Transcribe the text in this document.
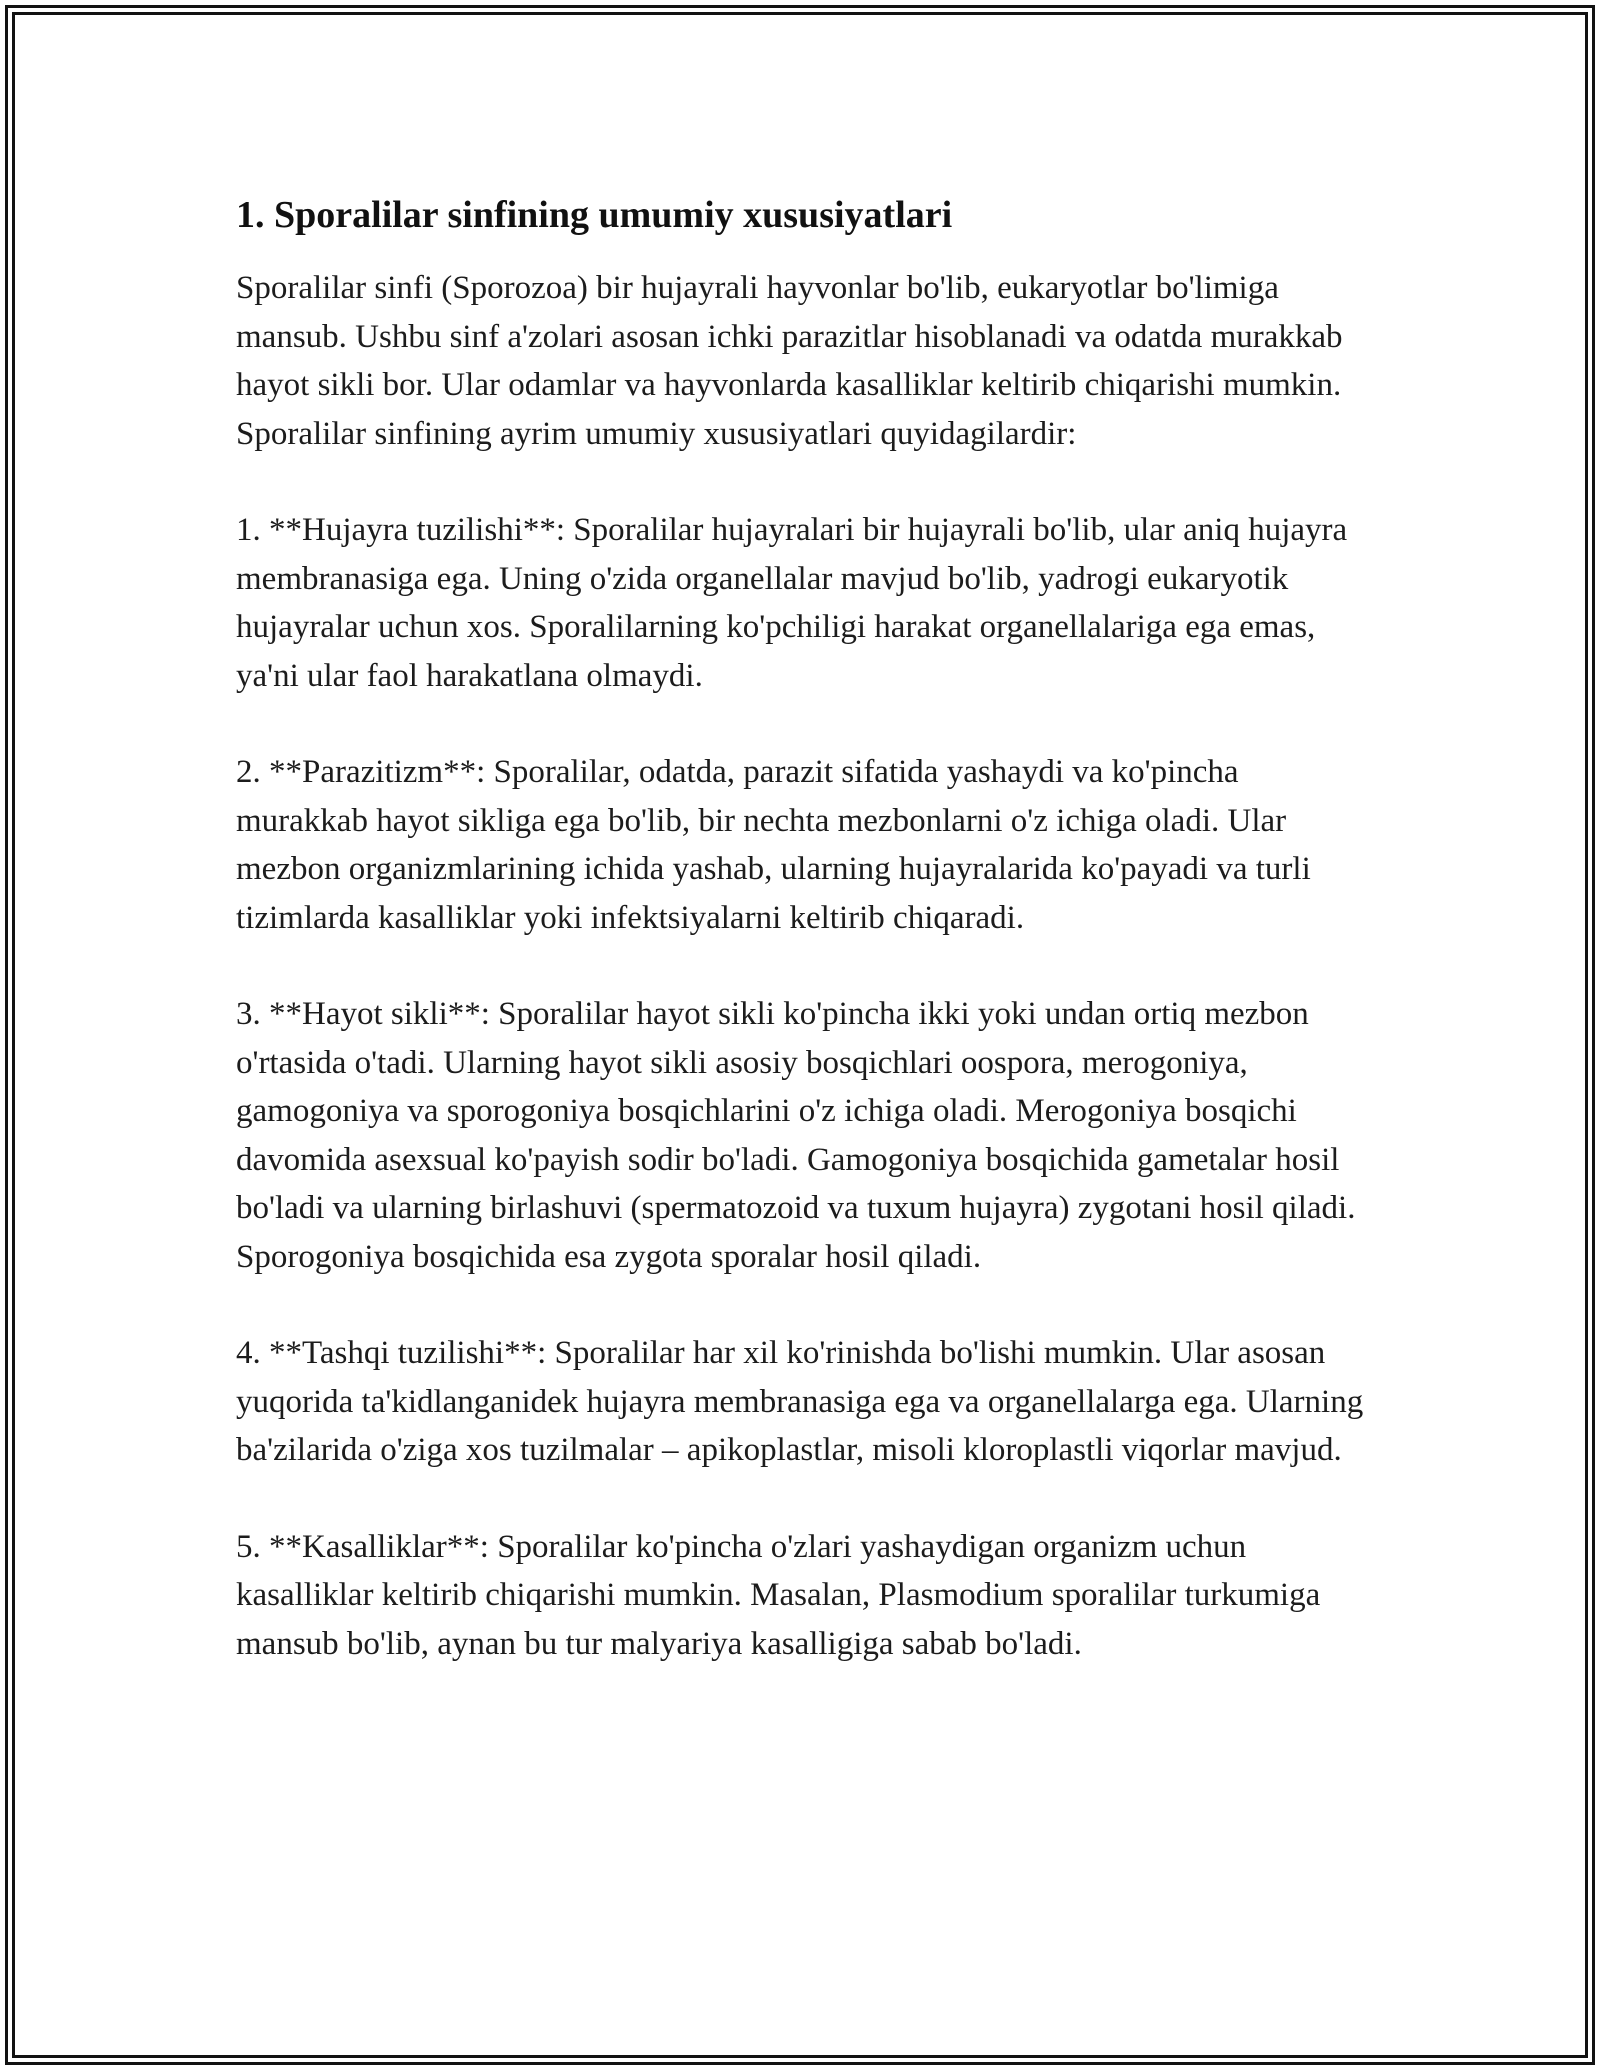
1. Sporalilar sinfining umumiy xususiyatlari

Sporalilar sinfi (Sporozoa) bir hujayrali hayvonlar bo'lib, eukaryotlar bo'limiga mansub. Ushbu sinf a'zolari asosan ichki parazitlar hisoblanadi va odatda murakkab hayot sikli bor. Ular odamlar va hayvonlarda kasalliklar keltirib chiqarishi mumkin. Sporalilar sinfining ayrim umumiy xususiyatlari quyidagilardir:

1. **Hujayra tuzilishi**: Sporalilar hujayralari bir hujayrali bo'lib, ular aniq hujayra membranasiga ega. Uning o'zida organellalar mavjud bo'lib, yadrogi eukaryotik hujayralar uchun xos. Sporalilarning ko'pchiligi harakat organellalariga ega emas, ya'ni ular faol harakatlana olmaydi.

2. **Parazitizm**: Sporalilar, odatda, parazit sifatida yashaydi va ko'pincha murakkab hayot sikliga ega bo'lib, bir nechta mezbonlarni o'z ichiga oladi. Ular mezbon organizmlarining ichida yashab, ularning hujayralarida ko'payadi va turli tizimlarda kasalliklar yoki infektsiyalarni keltirib chiqaradi.

3. **Hayot sikli**: Sporalilar hayot sikli ko'pincha ikki yoki undan ortiq mezbon o'rtasida o'tadi. Ularning hayot sikli asosiy bosqichlari oospora, merogoniya, gamogoniya va sporogoniya bosqichlarini o'z ichiga oladi. Merogoniya bosqichi davomida asexsual ko'payish sodir bo'ladi. Gamogoniya bosqichida gametalar hosil bo'ladi va ularning birlashuvi (spermatozoid va tuxum hujayra) zygotani hosil qiladi. Sporogoniya bosqichida esa zygota sporalar hosil qiladi.

4. **Tashqi tuzilishi**: Sporalilar har xil ko'rinishda bo'lishi mumkin. Ular asosan yuqorida ta'kidlanganidek hujayra membranasiga ega va organellalarga ega. Ularning ba'zilarida o'ziga xos tuzilmalar – apikoplastlar, misoli kloroplastli viqorlar mavjud.

5. **Kasalliklar**: Sporalilar ko'pincha o'zlari yashaydigan organizm uchun kasalliklar keltirib chiqarishi mumkin. Masalan, Plasmodium sporalilar turkumiga mansub bo'lib, aynan bu tur malyariya kasalligiga sabab bo'ladi.
